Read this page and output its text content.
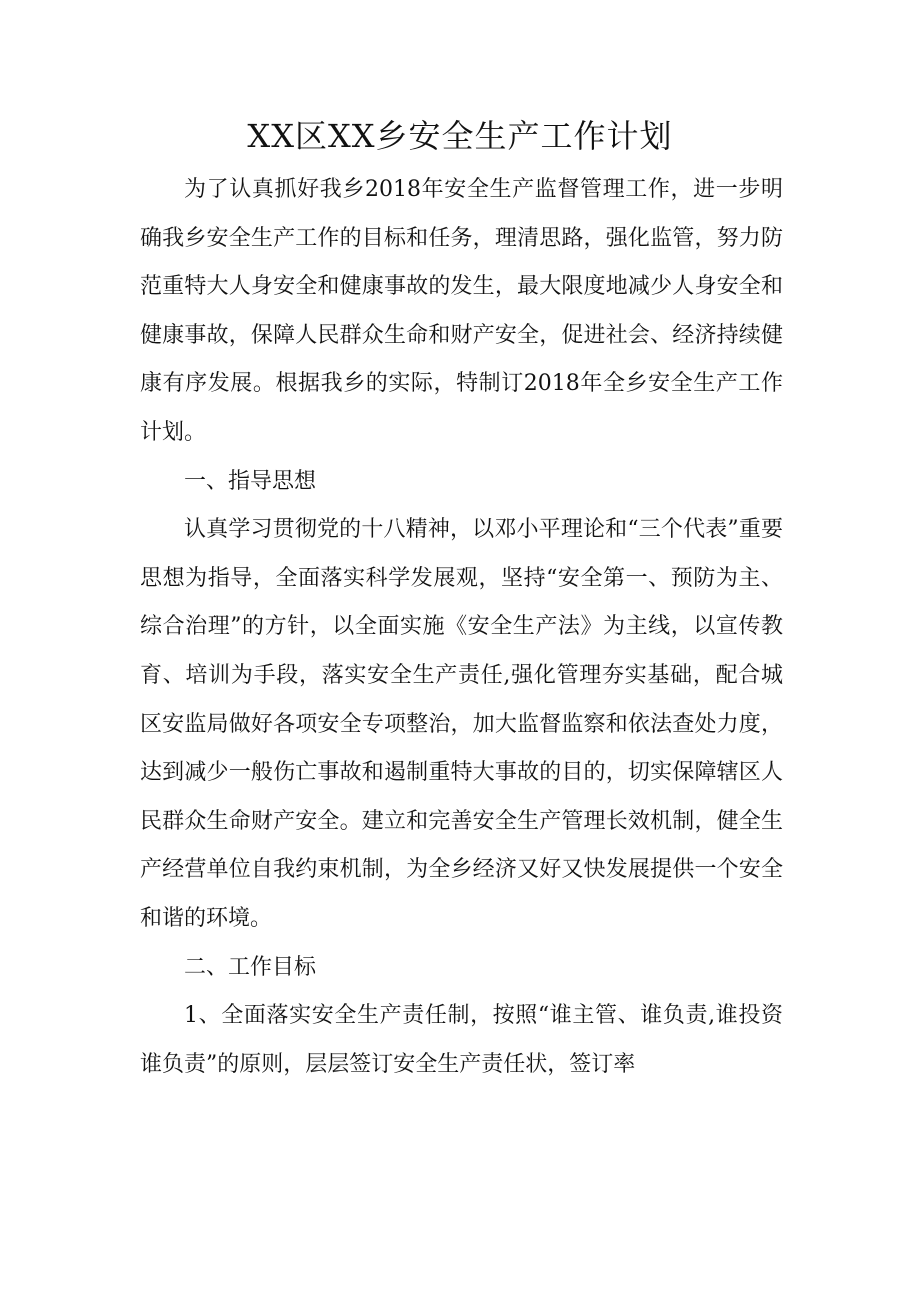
XX区XX乡安全生产工作计划

为了认真抓好我乡2018年安全生产监督管理工作，进一步明确我乡安全生产工作的目标和任务，理清思路，强化监管，努力防范重特大人身安全和健康事故的发生，最大限度地减少人身安全和健康事故，保障人民群众生命和财产安全，促进社会、经济持续健康有序发展。根据我乡的实际，特制订2018年全乡安全生产工作计划。

一、指导思想

认真学习贯彻党的十八精神，以邓小平理论和“三个代表”重要思想为指导，全面落实科学发展观，坚持“安全第一、预防为主、综合治理”的方针，以全面实施《安全生产法》为主线，以宣传教育、培训为手段，落实安全生产责任,强化管理夯实基础，配合城区安监局做好各项安全专项整治，加大监督监察和依法查处力度，达到减少一般伤亡事故和遏制重特大事故的目的，切实保障辖区人民群众生命财产安全。建立和完善安全生产管理长效机制，健全生产经营单位自我约束机制，为全乡经济又好又快发展提供一个安全和谐的环境。

二、工作目标

1、全面落实安全生产责任制，按照“谁主管、谁负责,谁投资谁负责”的原则，层层签订安全生产责任状，签订率
